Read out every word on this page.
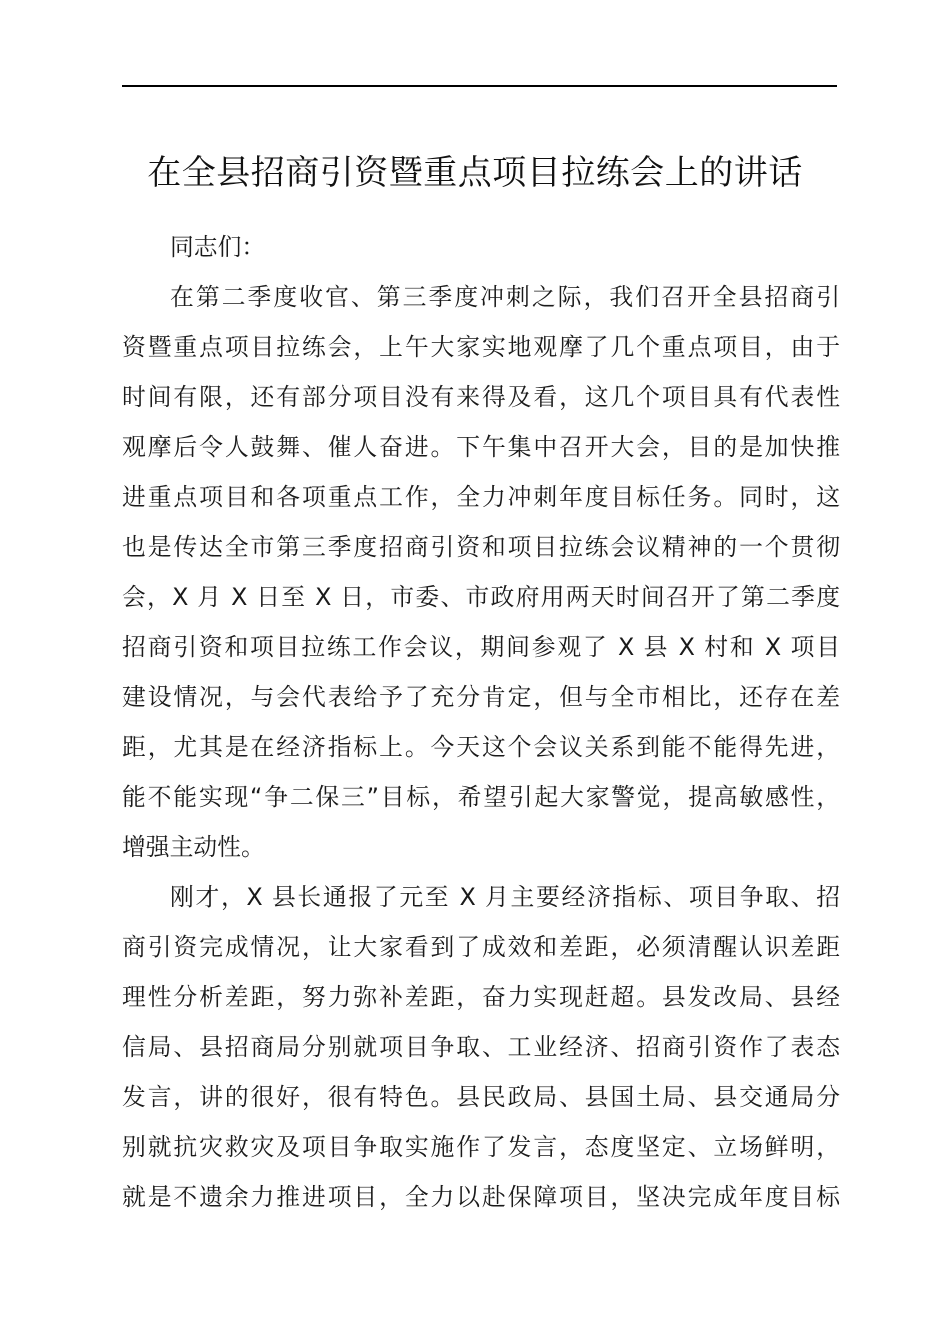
在全县招商引资暨重点项目拉练会上的讲话
同志们：
在第二季度收官、第三季度冲刺之际，我们召开全县招商引
资暨重点项目拉练会，上午大家实地观摩了几个重点项目，由于
时间有限，还有部分项目没有来得及看，这几个项目具有代表性
观摩后令人鼓舞、催人奋进。下午集中召开大会，目的是加快推
进重点项目和各项重点工作，全力冲刺年度目标任务。同时，这
也是传达全市第三季度招商引资和项目拉练会议精神的一个贯彻
会，X 月 X 日至 X 日，市委、市政府用两天时间召开了第二季度
招商引资和项目拉练工作会议，期间参观了 X 县 X 村和 X 项目
建设情况，与会代表给予了充分肯定，但与全市相比，还存在差
距，尤其是在经济指标上。今天这个会议关系到能不能得先进，
能不能实现“争二保三”目标，希望引起大家警觉，提高敏感性，
增强主动性。
刚才，X 县长通报了元至 X 月主要经济指标、项目争取、招
商引资完成情况，让大家看到了成效和差距，必须清醒认识差距
理性分析差距，努力弥补差距，奋力实现赶超。县发改局、县经
信局、县招商局分别就项目争取、工业经济、招商引资作了表态
发言，讲的很好，很有特色。县民政局、县国土局、县交通局分
别就抗灾救灾及项目争取实施作了发言，态度坚定、立场鲜明，
就是不遗余力推进项目，全力以赴保障项目，坚决完成年度目标
